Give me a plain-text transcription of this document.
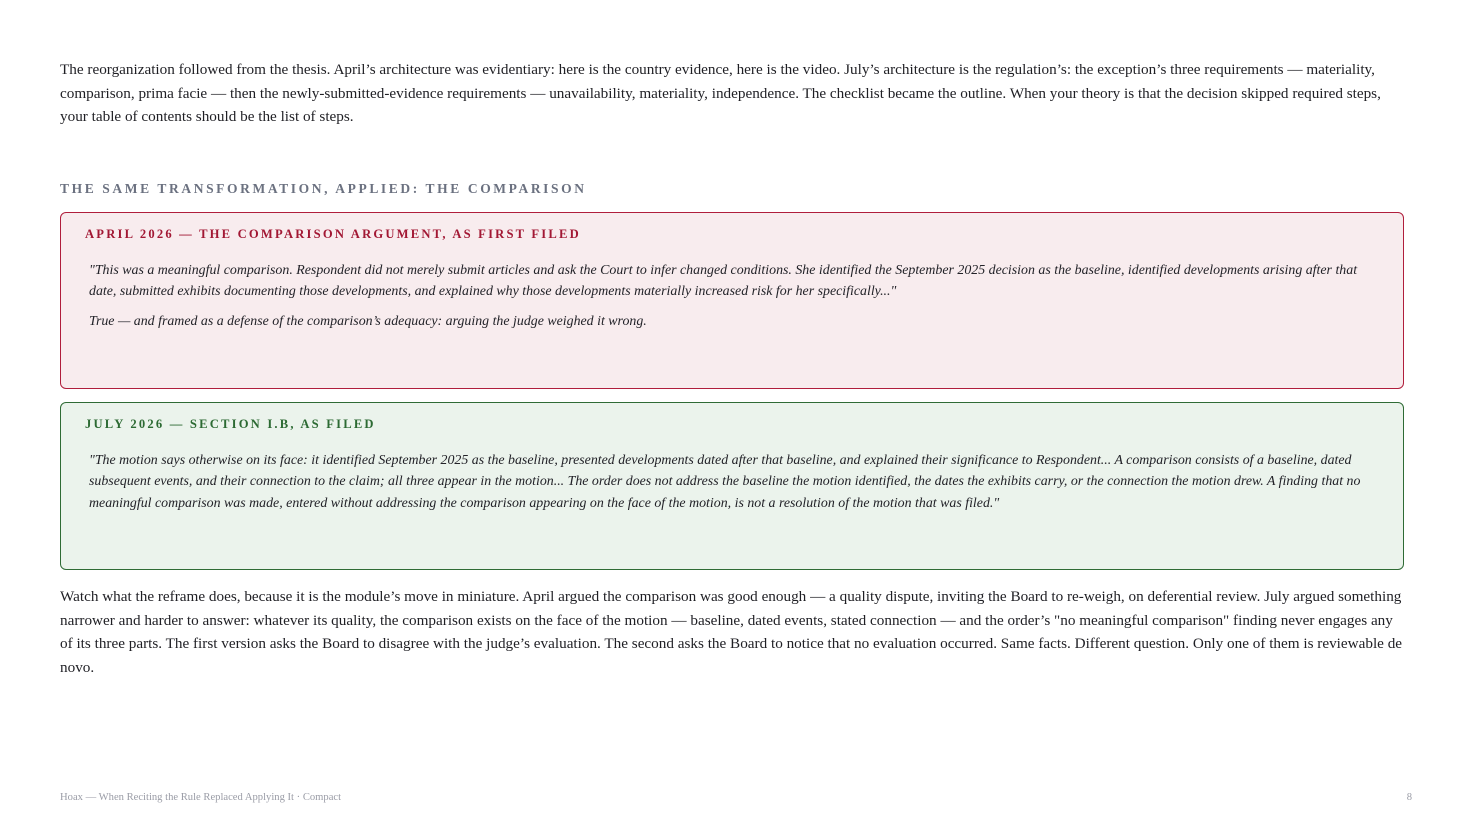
The reorganization followed from the thesis. April’s architecture was evidentiary: here is the country evidence, here is the video. July’s architecture is the regulation’s: the exception’s three requirements — materiality, comparison, prima facie — then the newly-submitted-evidence requirements — unavailability, materiality, independence. The checklist became the outline. When your theory is that the decision skipped required steps, your table of contents should be the list of steps.

THE SAME TRANSFORMATION, APPLIED: THE COMPARISON
APRIL 2026 — THE COMPARISON ARGUMENT, AS FIRST FILED

"This was a meaningful comparison. Respondent did not merely submit articles and ask the Court to infer changed conditions. She identified the September 2025 decision as the baseline, identified developments arising after that date, submitted exhibits documenting those developments, and explained why those developments materially increased risk for her specifically..."

True — and framed as a defense of the comparison’s adequacy: arguing the judge weighed it wrong.

JULY 2026 — SECTION I.B, AS FILED

"The motion says otherwise on its face: it identified September 2025 as the baseline, presented developments dated after that baseline, and explained their significance to Respondent... A comparison consists of a baseline, dated subsequent events, and their connection to the claim; all three appear in the motion... The order does not address the baseline the motion identified, the dates the exhibits carry, or the connection the motion drew. A finding that no meaningful comparison was made, entered without addressing the comparison appearing on the face of the motion, is not a resolution of the motion that was filed."

Watch what the reframe does, because it is the module’s move in miniature. April argued the comparison was good enough — a quality dispute, inviting the Board to re-weigh, on deferential review. July argued something narrower and harder to answer: whatever its quality, the comparison exists on the face of the motion — baseline, dated events, stated connection — and the order’s "no meaningful comparison" finding never engages any of its three parts. The first version asks the Board to disagree with the judge’s evaluation. The second asks the Board to notice that no evaluation occurred. Same facts. Different question. Only one of them is reviewable de novo.

Hoax — When Reciting the Rule Replaced Applying It · Compact	8
